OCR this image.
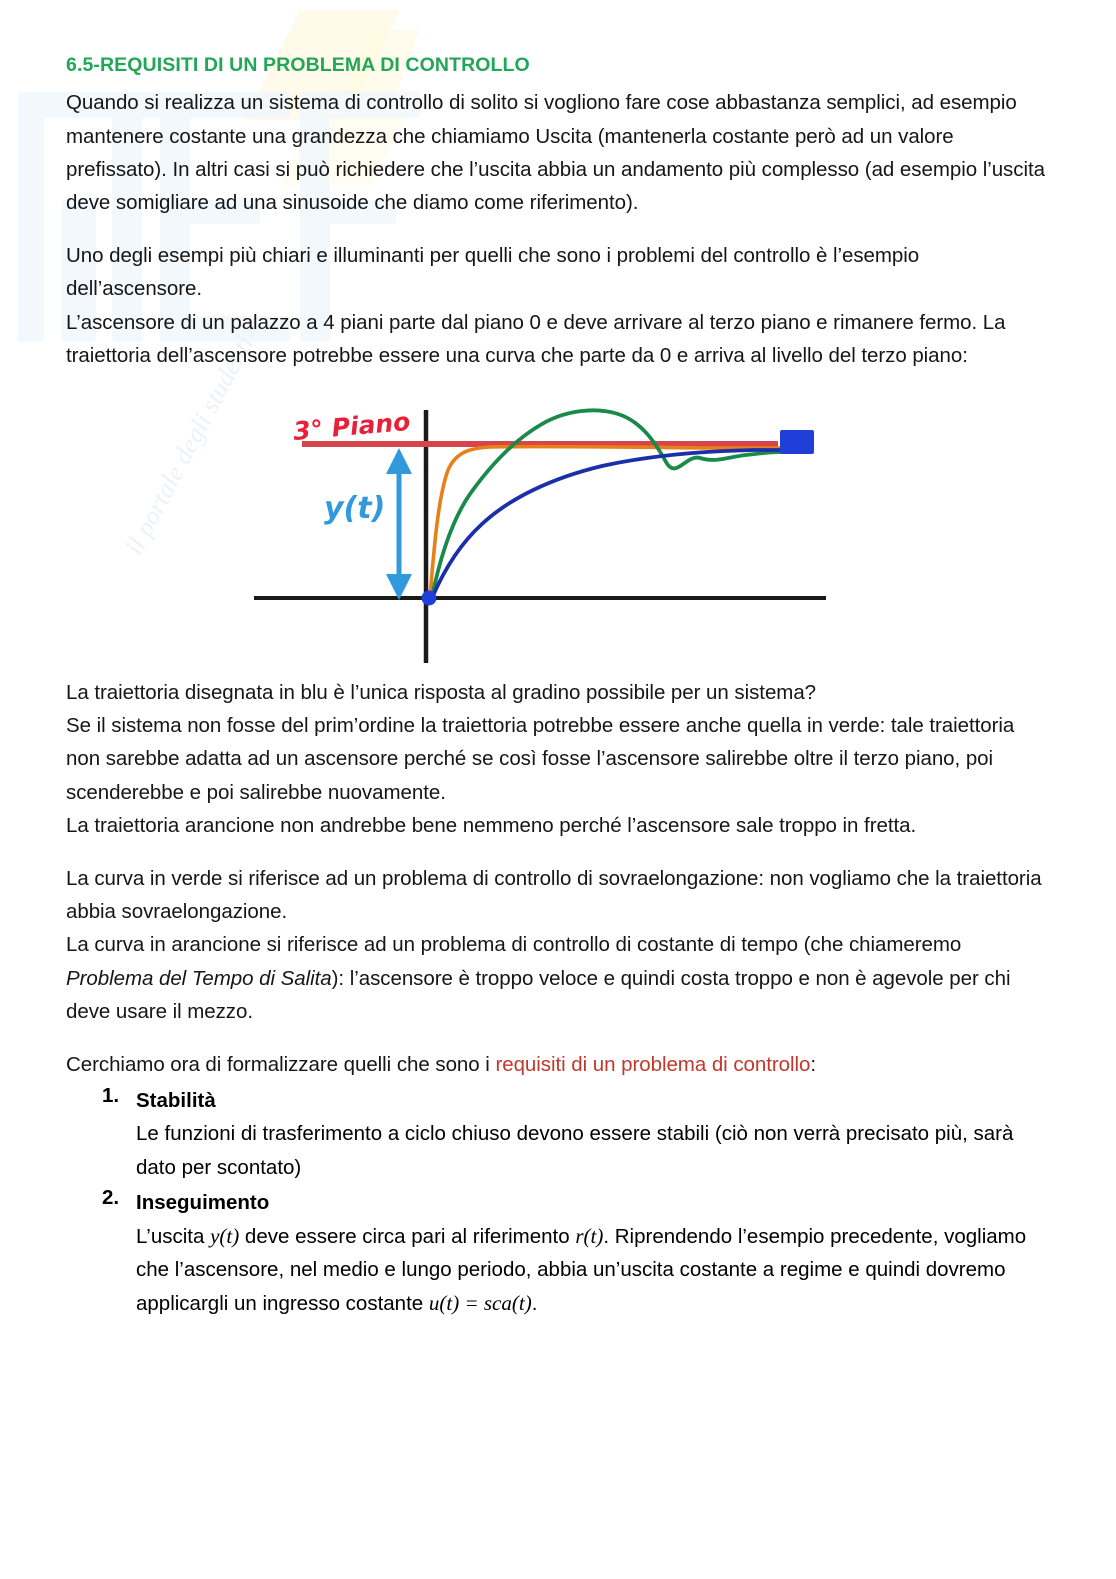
il portale degli studenti
6.5-REQUISITI DI UN PROBLEMA DI CONTROLLO

Quando si realizza un sistema di controllo di solito si vogliono fare cose abbastanza semplici, ad esempio mantenere costante una grandezza che chiamiamo Uscita (mantenerla costante però ad un valore prefissato). In altri casi si può richiedere che l’uscita abbia un andamento più complesso (ad esempio l’uscita deve somigliare ad una sinusoide che diamo come riferimento).

Uno degli esempi più chiari e illuminanti per quelli che sono i problemi del controllo è l’esempio dell’ascensore.

L’ascensore di un palazzo a 4 piani parte dal piano 0 e deve arrivare al terzo piano e rimanere fermo. La traiettoria dell’ascensore potrebbe essere una curva che parte da 0 e arriva al livello del terzo piano:

3° Piano
y(t)

La traiettoria disegnata in blu è l’unica risposta al gradino possibile per un sistema?

Se il sistema non fosse del prim’ordine la traiettoria potrebbe essere anche quella in verde: tale traiettoria non sarebbe adatta ad un ascensore perché se così fosse l’ascensore salirebbe oltre il terzo piano, poi scenderebbe e poi salirebbe nuovamente.

La traiettoria arancione non andrebbe bene nemmeno perché l’ascensore sale troppo in fretta.

La curva in verde si riferisce ad un problema di controllo di sovraelongazione: non vogliamo che la traiettoria abbia sovraelongazione.

La curva in arancione si riferisce ad un problema di controllo di costante di tempo (che chiameremo Problema del Tempo di Salita): l’ascensore è troppo veloce e quindi costa troppo e non è agevole per chi deve usare il mezzo.

Cerchiamo ora di formalizzare quelli che sono i requisiti di un problema di controllo:

1. Stabilità
Le funzioni di trasferimento a ciclo chiuso devono essere stabili (ciò non verrà precisato più, sarà dato per scontato)
2. Inseguimento
L’uscita y(t) deve essere circa pari al riferimento r(t). Riprendendo l’esempio precedente, vogliamo che l’ascensore, nel medio e lungo periodo, abbia un’uscita costante a regime e quindi dovremo applicargli un ingresso costante u(t) = sca(t).
